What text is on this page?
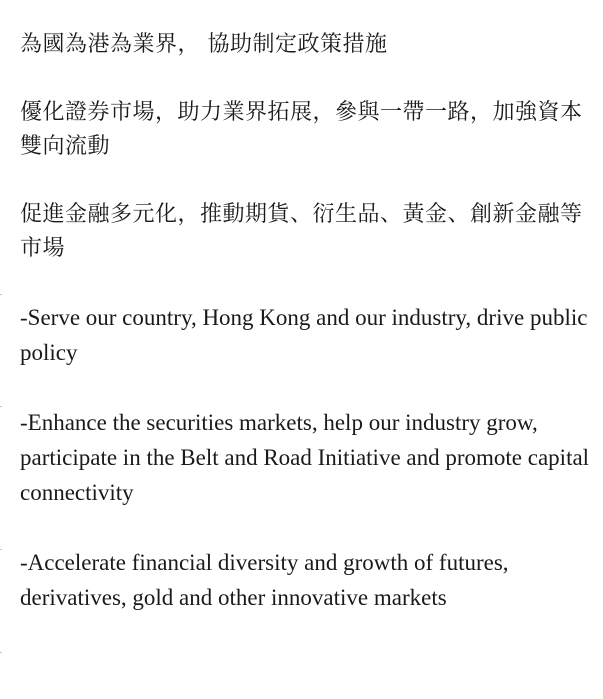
為國為港為業界， 協助制定政策措施

優化證券市場，助力業界拓展，參與一帶一路，加強資本雙向流動

促進金融多元化，推動期貨、衍生品、黃金、創新金融等市場

-Serve our country, Hong Kong and our industry, drive public policy

-Enhance the securities markets, help our industry grow, participate in the Belt and Road Initiative and promote capital connectivity

-Accelerate financial diversity and growth of futures, derivatives, gold and other innovative markets
